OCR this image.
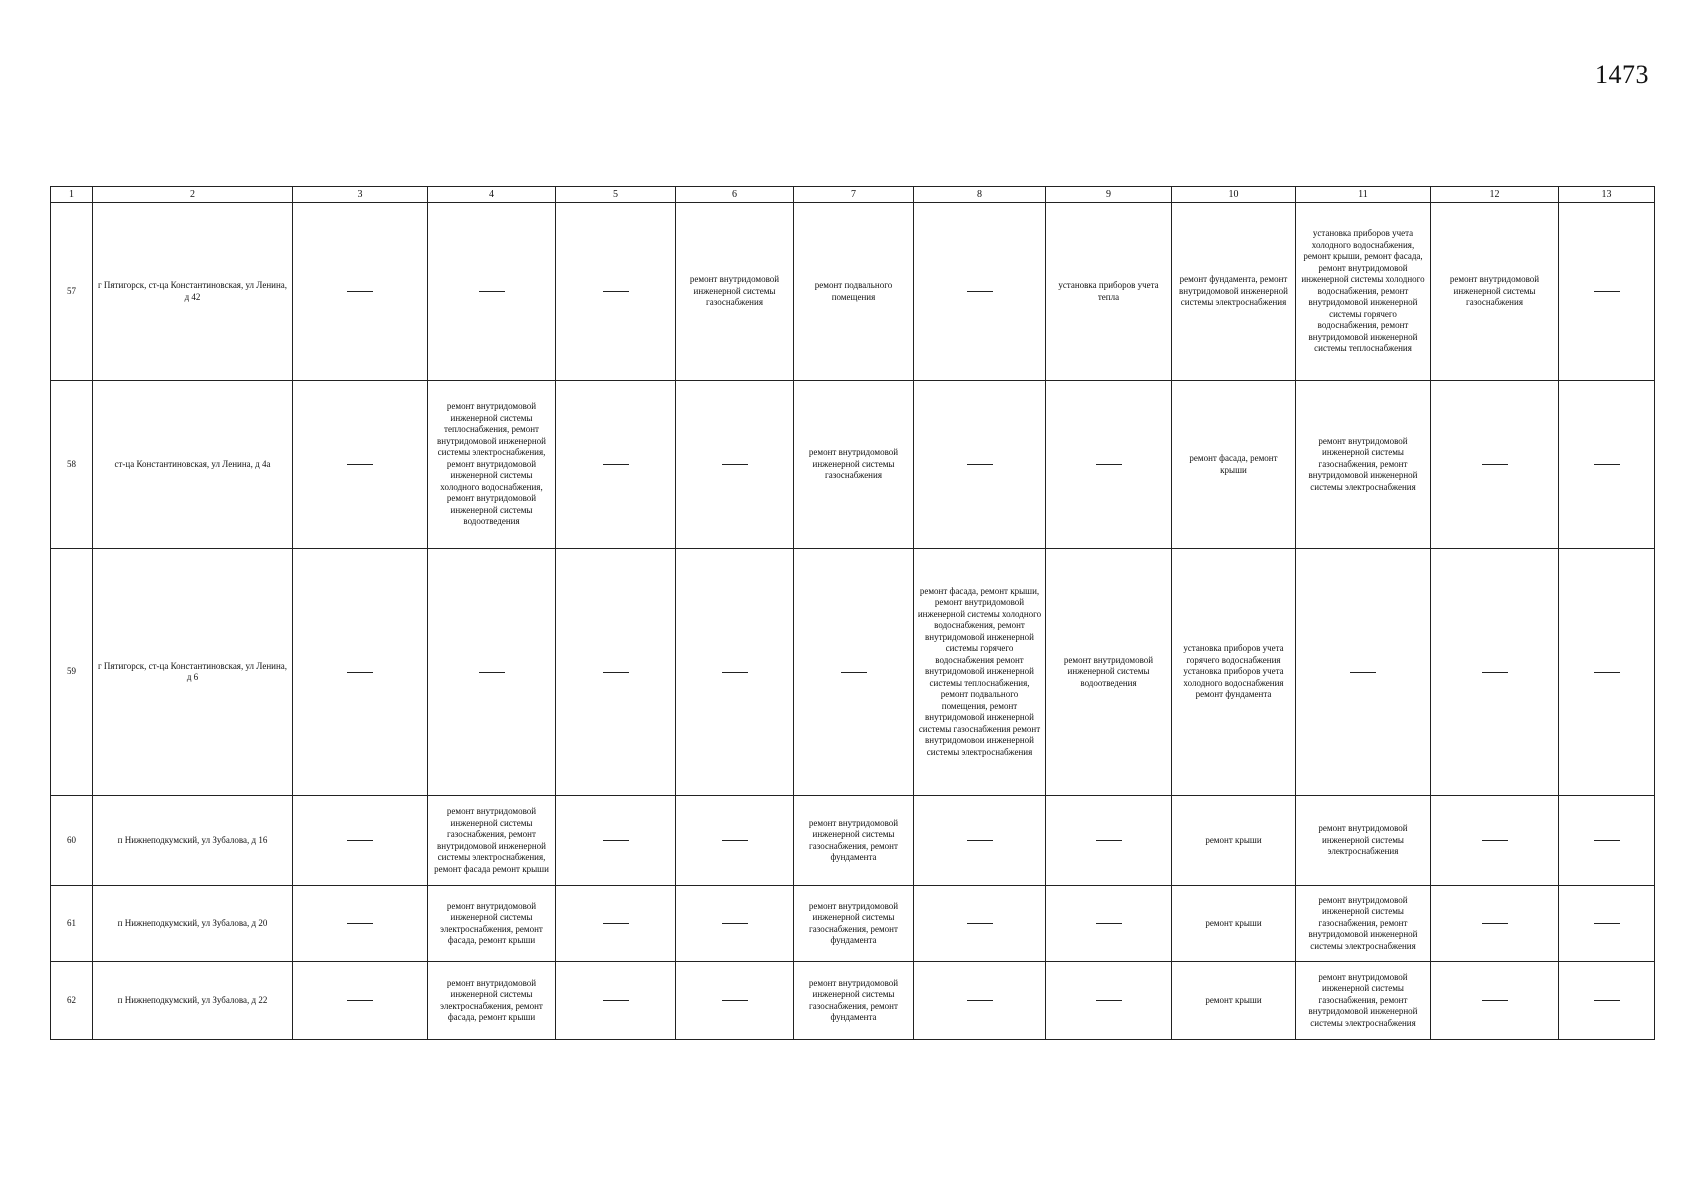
1473
1	2	3	4	5	6	7	8	9	10	11	12	13
57	г Пятигорск, ст-ца Константиновская, ул Ленина, д 42				ремонт внутридомовой инженерной системы газоснабжения	ремонт подвального помещения		установка приборов учета тепла	ремонт фундамента, ремонт внутридомовой инженерной системы электроснабжения	установка приборов учета холодного водоснабжения, ремонт крыши, ремонт фасада, ремонт внутридомовой инженерной системы холодного водоснабжения, ремонт внутридомовой инженерной системы горячего водоснабжения, ремонт внутридомовой инженерной системы теплоснабжения	ремонт внутридомовой инженерной системы газоснабжения	
58	ст-ца Константиновская, ул Ленина, д 4а		ремонт внутридомовой инженерной системы теплоснабжения, ремонт внутридомовой инженерной системы электроснабжения, ремонт внутридомовой инженерной системы холодного водоснабжения, ремонт внутридомовой инженерной системы водоотведения			ремонт внутридомовой инженерной системы газоснабжения			ремонт фасада, ремонт крыши	ремонт внутридомовой инженерной системы газоснабжения, ремонт внутридомовой инженерной системы электроснабжения		
59	г Пятигорск, ст-ца Константиновская, ул Ленина, д 6						ремонт фасада, ремонт крыши, ремонт внутридомовой инженерной системы холодного водоснабжения, ремонт внутридомовой инженерной системы горячего водоснабжения ремонт внутридомовой инженерной системы теплоснабжения, ремонт подвального помещения, ремонт внутридомовой инженерной системы газоснабжения ремонт внутридомовои инженерной системы электроснабжения	ремонт внутридомовой инженерной системы водоотведения	установка приборов учета горячего водоснабжения установка приборов учета холодного водоснабжения ремонт фундамента			
60	п Нижнеподкумский, ул Зубалова, д 16		ремонт внутридомовой инженерной системы газоснабжения, ремонт внутридомовой инженерной системы электроснабжения, ремонт фасада ремонт крыши			ремонт внутридомовой инженерной системы газоснабжения, ремонт фундамента			ремонт крыши	ремонт внутридомовой инженерной системы электроснабжения		
61	п Нижнеподкумский, ул Зубалова, д 20		ремонт внутридомовой инженерной системы электроснабжения, ремонт фасада, ремонт крыши			ремонт внутридомовой инженерной системы газоснабжения, ремонт фундамента			ремонт крыши	ремонт внутридомовой инженерной системы газоснабжения, ремонт внутридомовой инженерной системы электроснабжения		
62	п Нижнеподкумский, ул Зубалова, д 22		ремонт внутридомовой инженерной системы электроснабжения, ремонт фасада, ремонт крыши			ремонт внутридомовой инженерной системы газоснабжения, ремонт фундамента			ремонт крыши	ремонт внутридомовой инженерной системы газоснабжения, ремонт внутридомовой инженерной системы электроснабжения		
